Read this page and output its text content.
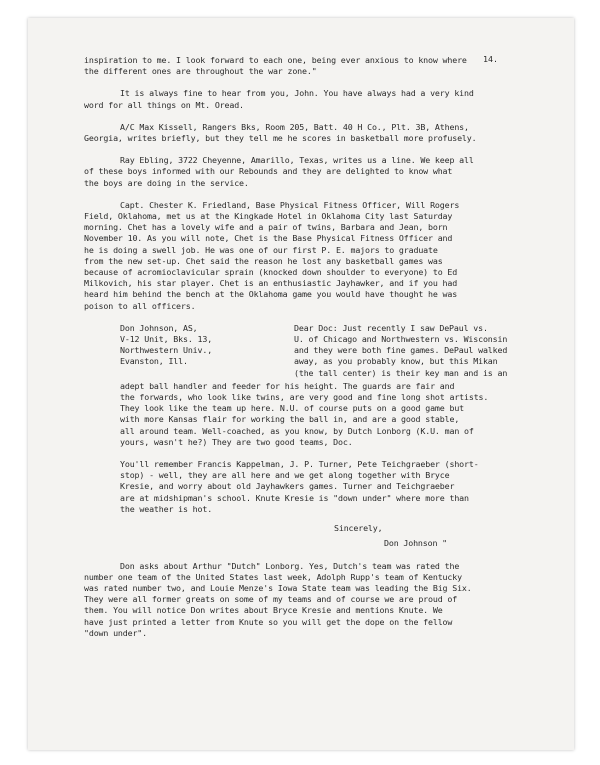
14.
inspiration to me. I look forward to each one, being ever anxious to know where
the different ones are throughout the war zone."
It is always fine to hear from you, John. You have always had a very kind
word for all things on Mt. Oread.
A/C Max Kissell, Rangers Bks, Room 205, Batt. 40 H Co., Plt. 3B, Athens,
Georgia, writes briefly, but they tell me he scores in basketball more profusely.
Ray Ebling, 3722 Cheyenne, Amarillo, Texas, writes us a line. We keep all
of these boys informed with our Rebounds and they are delighted to know what
the boys are doing in the service.
Capt. Chester K. Friedland, Base Physical Fitness Officer, Will Rogers
Field, Oklahoma, met us at the Kingkade Hotel in Oklahoma City last Saturday
morning. Chet has a lovely wife and a pair of twins, Barbara and Jean, born
November 10. As you will note, Chet is the Base Physical Fitness Officer and
he is doing a swell job. He was one of our first P. E. majors to graduate
from the new set-up. Chet said the reason he lost any basketball games was
because of acromioclavicular sprain (knocked down shoulder to everyone) to Ed
Milkovich, his star player. Chet is an enthusiastic Jayhawker, and if you had
heard him behind the bench at the Oklahoma game you would have thought he was
poison to all officers.
Don Johnson, AS,
V-12 Unit, Bks. 13,
Northwestern Univ.,
Evanston, Ill.
Dear Doc: Just recently I saw DePaul vs.
U. of Chicago and Northwestern vs. Wisconsin
and they were both fine games. DePaul walked
away, as you probably know, but this Mikan
(the tall center) is their key man and is an
adept ball handler and feeder for his height. The guards are fair and
the forwards, who look like twins, are very good and fine long shot artists.
They look like the team up here. N.U. of course puts on a good game but
with more Kansas flair for working the ball in, and are a good stable,
all around team. Well-coached, as you know, by Dutch Lonborg (K.U. man of
yours, wasn't he?) They are two good teams, Doc.
You'll remember Francis Kappelman, J. P. Turner, Pete Teichgraeber (short-
stop) - well, they are all here and we get along together with Bryce
Kresie, and worry about old Jayhawkers games. Turner and Teichgraeber
are at midshipman's school. Knute Kresie is "down under" where more than
the weather is hot.
Sincerely,
Don Johnson "
Don asks about Arthur "Dutch" Lonborg. Yes, Dutch's team was rated the
number one team of the United States last week, Adolph Rupp's team of Kentucky
was rated number two, and Louie Menze's Iowa State team was leading the Big Six.
They were all former greats on some of my teams and of course we are proud of
them. You will notice Don writes about Bryce Kresie and mentions Knute. We
have just printed a letter from Knute so you will get the dope on the fellow
"down under".
